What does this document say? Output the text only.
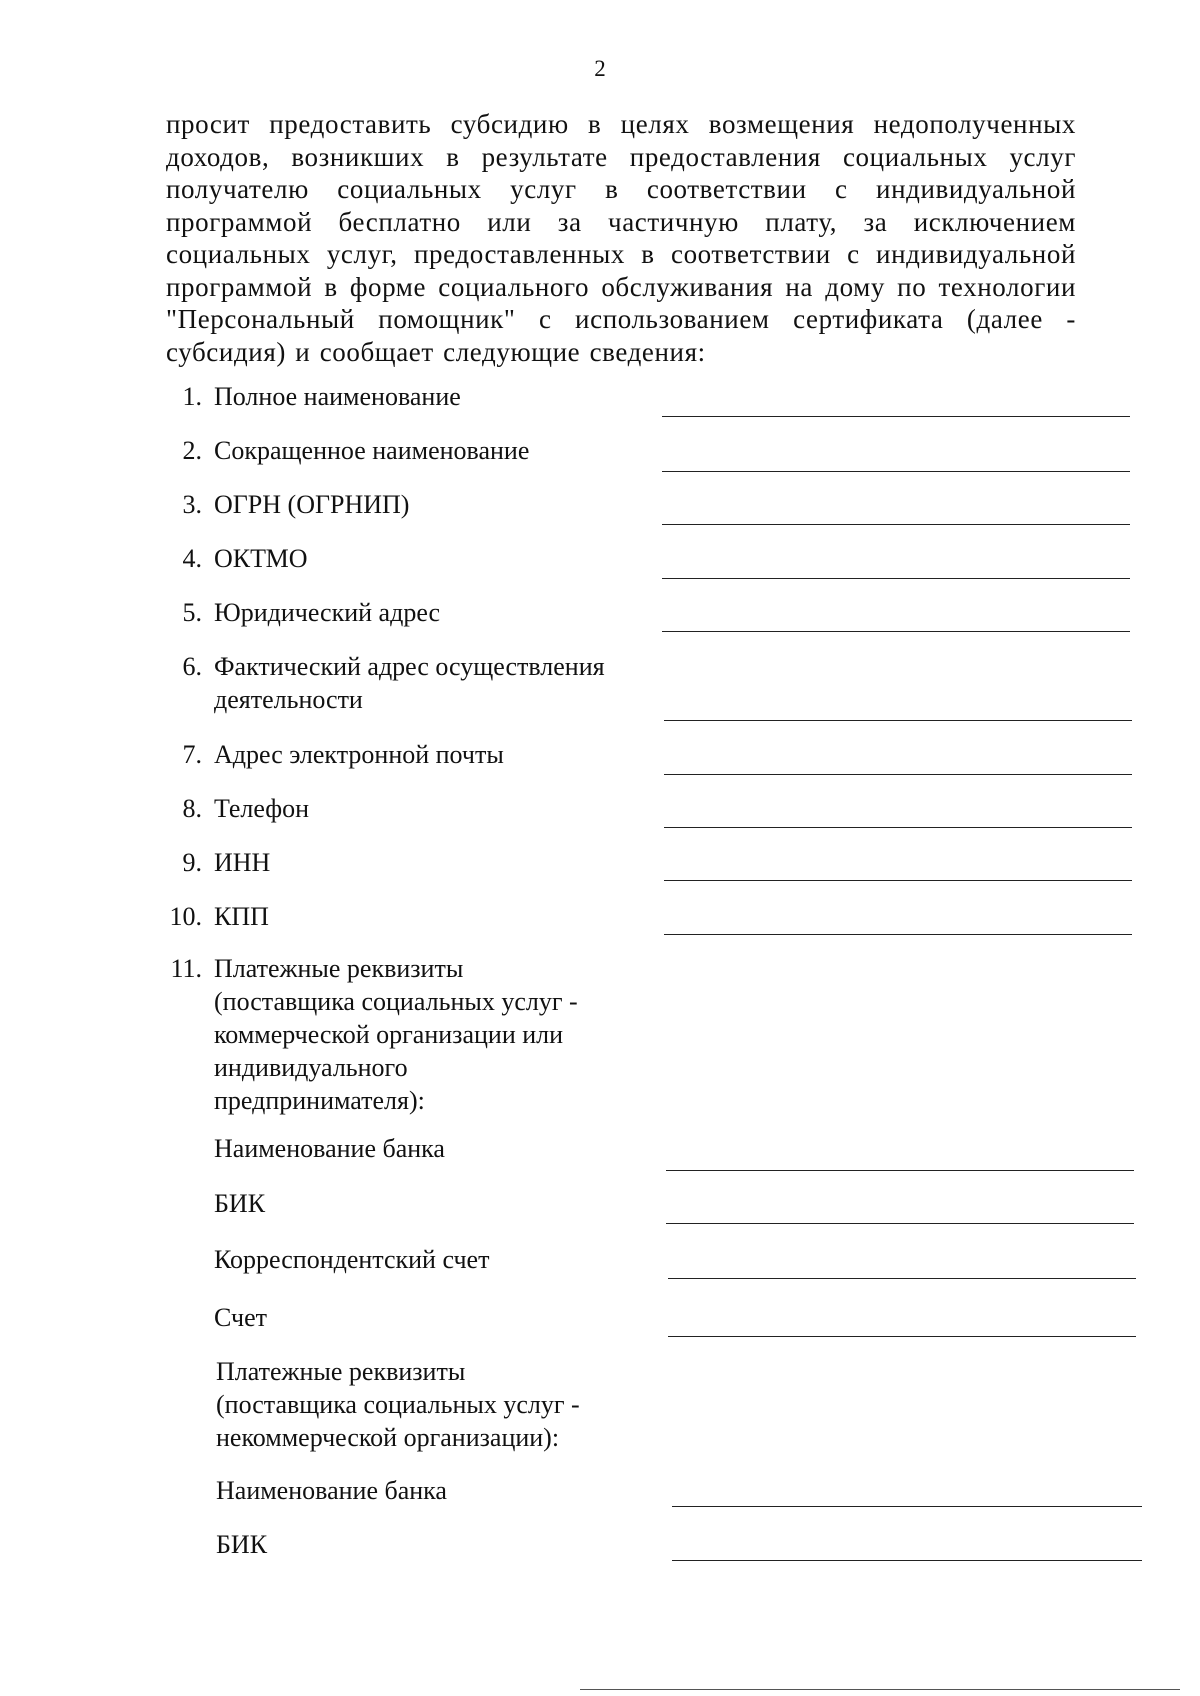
2
просит предоставить субсидию в целях возмещения недополученных
доходов, возникших в результате предоставления социальных услуг
получателю социальных услуг в соответствии с индивидуальной
программой бесплатно или за частичную плату, за исключением
социальных услуг, предоставленных в соответствии с индивидуальной
программой в форме социального обслуживания на дому по технологии
"Персональный помощник" с использованием сертификата (далее -
субсидия) и сообщает следующие сведения:
1. Полное наименование
2. Сокращенное наименование
3. ОГРН (ОГРНИП)
4. ОКТМО
5. Юридический адрес
6. Фактический адрес осуществления
деятельности
7. Адрес электронной почты
8. Телефон
9. ИНН
10. КПП
11. Платежные реквизиты
(поставщика социальных услуг -
коммерческой организации или
индивидуального
предпринимателя):
Наименование банка
БИК
Корреспондентский счет
Счет
Платежные реквизиты
(поставщика социальных услуг -
некоммерческой организации):
Наименование банка
БИК
